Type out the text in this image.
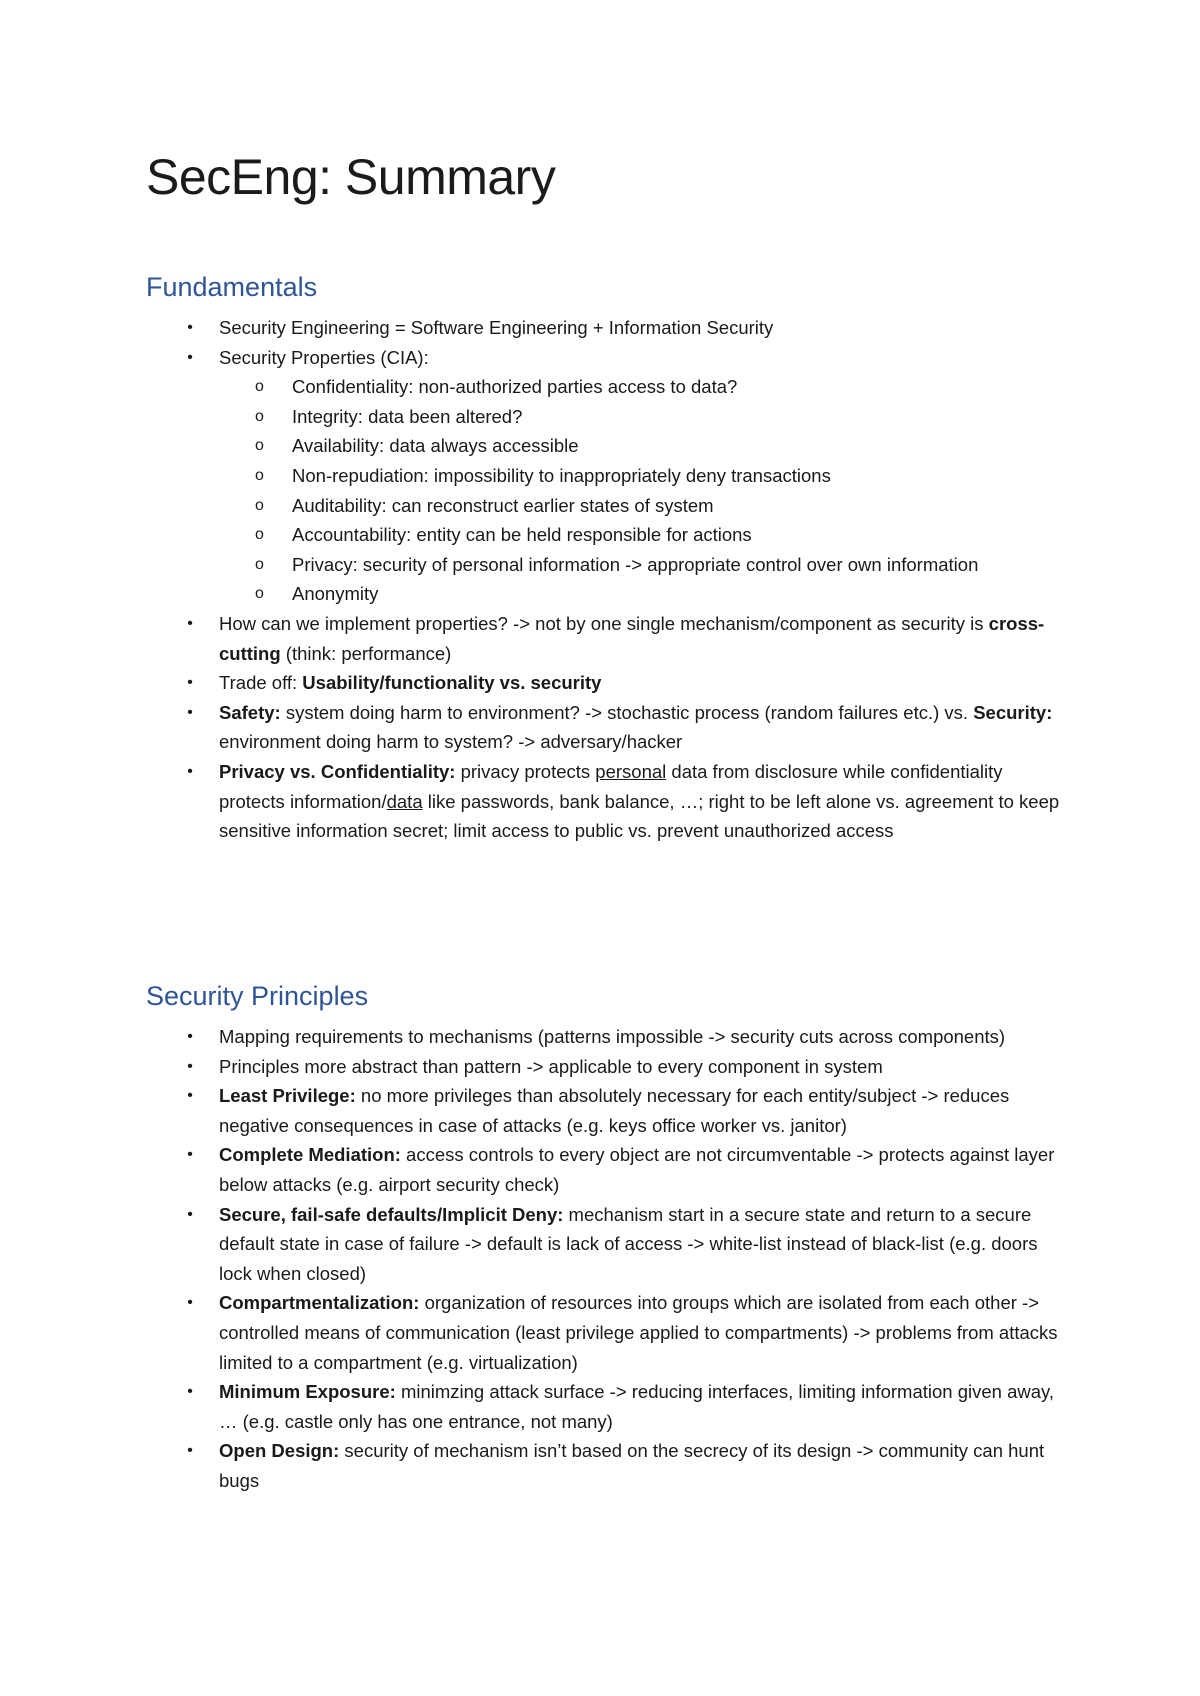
SecEng: Summary
Fundamentals
• Security Engineering = Software Engineering + Information Security
• Security Properties (CIA):
o Confidentiality: non-authorized parties access to data?
o Integrity: data been altered?
o Availability: data always accessible
o Non-repudiation: impossibility to inappropriately deny transactions
o Auditability: can reconstruct earlier states of system
o Accountability: entity can be held responsible for actions
o Privacy: security of personal information -> appropriate control over own information
o Anonymity
• How can we implement properties? -> not by one single mechanism/component as security is cross-cutting (think: performance)
• Trade off: Usability/functionality vs. security
• Safety: system doing harm to environment? -> stochastic process (random failures etc.) vs. Security: environment doing harm to system? -> adversary/hacker
• Privacy vs. Confidentiality: privacy protects personal data from disclosure while confidentiality protects information/data like passwords, bank balance, …; right to be left alone vs. agreement to keep sensitive information secret; limit access to public vs. prevent unauthorized access
Security Principles
• Mapping requirements to mechanisms (patterns impossible -> security cuts across components)
• Principles more abstract than pattern -> applicable to every component in system
• Least Privilege: no more privileges than absolutely necessary for each entity/subject -> reduces negative consequences in case of attacks (e.g. keys office worker vs. janitor)
• Complete Mediation: access controls to every object are not circumventable -> protects against layer below attacks (e.g. airport security check)
• Secure, fail-safe defaults/Implicit Deny: mechanism start in a secure state and return to a secure default state in case of failure -> default is lack of access -> white-list instead of black-list (e.g. doors lock when closed)
• Compartmentalization: organization of resources into groups which are isolated from each other -> controlled means of communication (least privilege applied to compartments) -> problems from attacks limited to a compartment (e.g. virtualization)
• Minimum Exposure: minimzing attack surface -> reducing interfaces, limiting information given away, … (e.g. castle only has one entrance, not many)
• Open Design: security of mechanism isn’t based on the secrecy of its design -> community can hunt bugs
